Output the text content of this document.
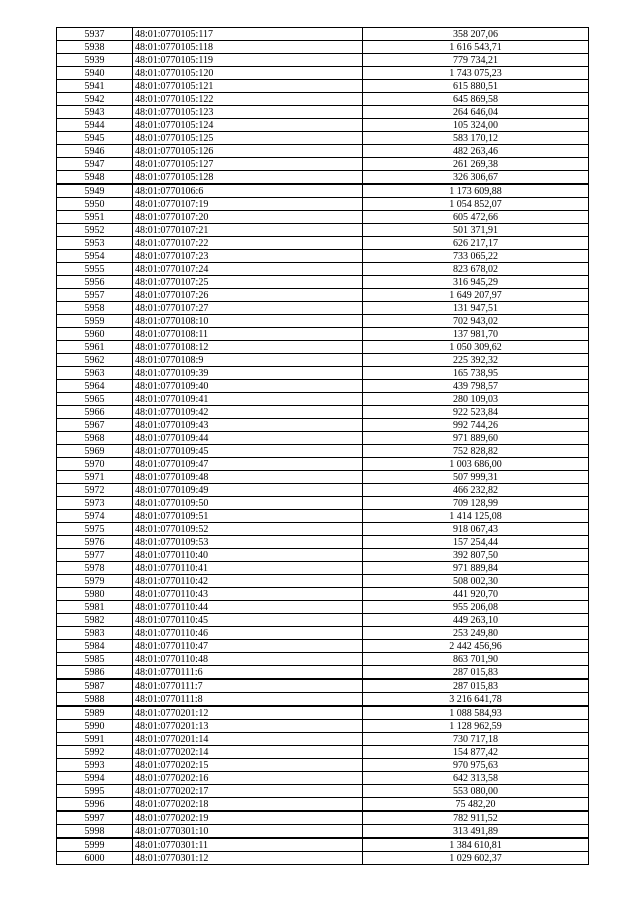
5937	48:01:0770105:117	358 207,06
5938	48:01:0770105:118	1 616 543,71
5939	48:01:0770105:119	779 734,21
5940	48:01:0770105:120	1 743 075,23
5941	48:01:0770105:121	615 880,51
5942	48:01:0770105:122	645 869,58
5943	48:01:0770105:123	264 646,04
5944	48:01:0770105:124	105 324,00
5945	48:01:0770105:125	583 170,12
5946	48:01:0770105:126	482 263,46
5947	48:01:0770105:127	261 269,38
5948	48:01:0770105:128	326 306,67
5949	48:01:0770106:6	1 173 609,88
5950	48:01:0770107:19	1 054 852,07
5951	48:01:0770107:20	605 472,66
5952	48:01:0770107:21	501 371,91
5953	48:01:0770107:22	626 217,17
5954	48:01:0770107:23	733 065,22
5955	48:01:0770107:24	823 678,02
5956	48:01:0770107:25	316 945,29
5957	48:01:0770107:26	1 649 207,97
5958	48:01:0770107:27	131 947,51
5959	48:01:0770108:10	702 943,02
5960	48:01:0770108:11	137 981,70
5961	48:01:0770108:12	1 050 309,62
5962	48:01:0770108:9	225 392,32
5963	48:01:0770109:39	165 738,95
5964	48:01:0770109:40	439 798,57
5965	48:01:0770109:41	280 109,03
5966	48:01:0770109:42	922 523,84
5967	48:01:0770109:43	992 744,26
5968	48:01:0770109:44	971 889,60
5969	48:01:0770109:45	752 828,82
5970	48:01:0770109:47	1 003 686,00
5971	48:01:0770109:48	507 999,31
5972	48:01:0770109:49	466 232,82
5973	48:01:0770109:50	709 128,99
5974	48:01:0770109:51	1 414 125,08
5975	48:01:0770109:52	918 067,43
5976	48:01:0770109:53	157 254,44
5977	48:01:0770110:40	392 807,50
5978	48:01:0770110:41	971 889,84
5979	48:01:0770110:42	508 002,30
5980	48:01:0770110:43	441 920,70
5981	48:01:0770110:44	955 206,08
5982	48:01:0770110:45	449 263,10
5983	48:01:0770110:46	253 249,80
5984	48:01:0770110:47	2 442 456,96
5985	48:01:0770110:48	863 701,90
5986	48:01:0770111:6	287 015,83
5987	48:01:0770111:7	287 015,83
5988	48:01:0770111:8	3 216 641,78
5989	48:01:0770201:12	1 088 584,93
5990	48:01:0770201:13	1 128 962,59
5991	48:01:0770201:14	730 717,18
5992	48:01:0770202:14	154 877,42
5993	48:01:0770202:15	970 975,63
5994	48:01:0770202:16	642 313,58
5995	48:01:0770202:17	553 080,00
5996	48:01:0770202:18	75 482,20
5997	48:01:0770202:19	782 911,52
5998	48:01:0770301:10	313 491,89
5999	48:01:0770301:11	1 384 610,81
6000	48:01:0770301:12	1 029 602,37
